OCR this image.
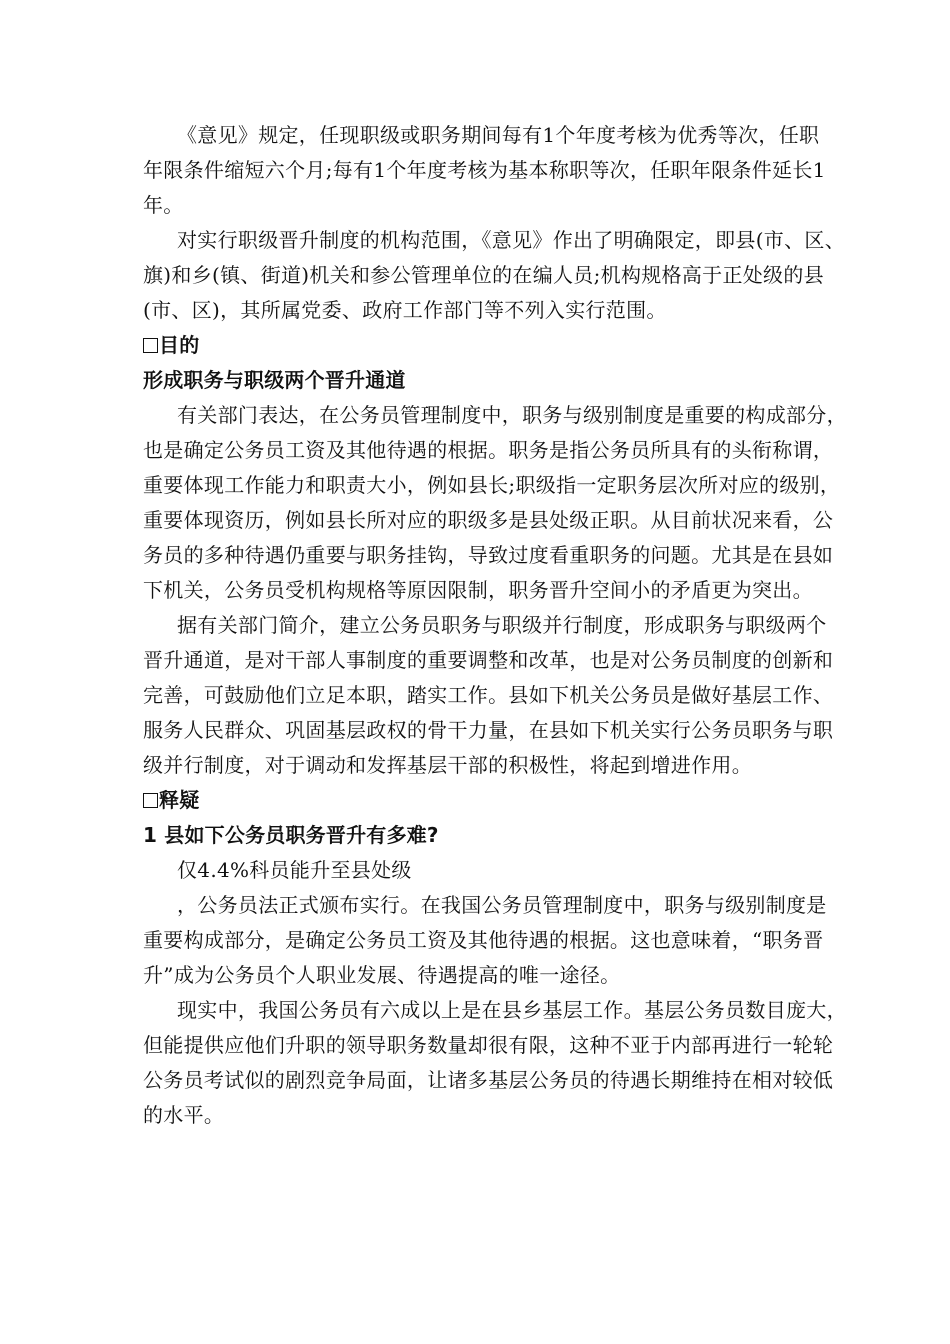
《意见》规定，任现职级或职务期间每有1个年度考核为优秀等次，任职
年限条件缩短六个月;每有1个年度考核为基本称职等次，任职年限条件延长1
年。

对实行职级晋升制度的机构范围，《意见》作出了明确限定，即县(市、区、
旗)和乡(镇、街道)机关和参公管理单位的在编人员;机构规格高于正处级的县
(市、区)，其所属党委、政府工作部门等不列入实行范围。

目的

形成职务与职级两个晋升通道

有关部门表达，在公务员管理制度中，职务与级别制度是重要的构成部分，
也是确定公务员工资及其他待遇的根据。职务是指公务员所具有的头衔称谓，
重要体现工作能力和职责大小，例如县长;职级指一定职务层次所对应的级别，
重要体现资历，例如县长所对应的职级多是县处级正职。从目前状况来看，公
务员的多种待遇仍重要与职务挂钩，导致过度看重职务的问题。尤其是在县如
下机关，公务员受机构规格等原因限制，职务晋升空间小的矛盾更为突出。

据有关部门简介，建立公务员职务与职级并行制度，形成职务与职级两个
晋升通道，是对干部人事制度的重要调整和改革，也是对公务员制度的创新和
完善，可鼓励他们立足本职，踏实工作。县如下机关公务员是做好基层工作、
服务人民群众、巩固基层政权的骨干力量，在县如下机关实行公务员职务与职
级并行制度，对于调动和发挥基层干部的积极性，将起到增进作用。

释疑

1 县如下公务员职务晋升有多难?

仅4.4%科员能升至县处级

，公务员法正式颁布实行。在我国公务员管理制度中，职务与级别制度是
重要构成部分，是确定公务员工资及其他待遇的根据。这也意味着，“职务晋
升”成为公务员个人职业发展、待遇提高的唯一途径。

现实中，我国公务员有六成以上是在县乡基层工作。基层公务员数目庞大，
但能提供应他们升职的领导职务数量却很有限，这种不亚于内部再进行一轮轮
公务员考试似的剧烈竞争局面，让诸多基层公务员的待遇长期维持在相对较低
的水平。
